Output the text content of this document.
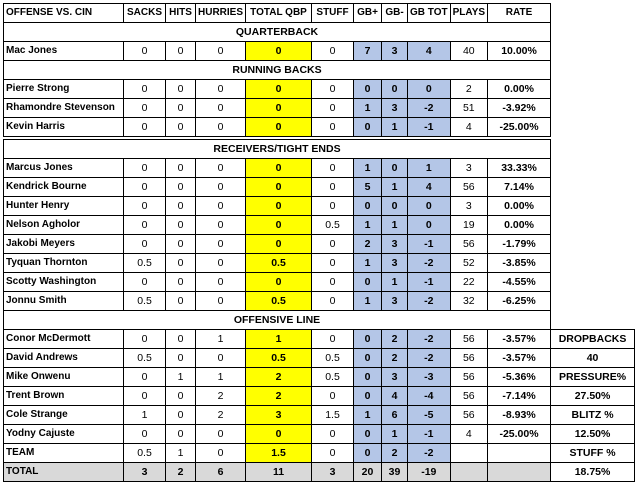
OFFENSE VS. CIN	SACKS	HITS	HURRIES	TOTAL QBP	STUFF	GB+	GB-	GB TOT	PLAYS	RATE	
QUARTERBACK											
Mac Jones	0	0	0	0	0	7	3	4	40	10.00%	
RUNNING BACKS											
Pierre Strong	0	0	0	0	0	0	0	0	2	0.00%	
Rhamondre Stevenson	0	0	0	0	0	1	3	-2	51	-3.92%	
Kevin Harris	0	0	0	0	0	0	1	-1	4	-25.00%	

RECEIVERS/TIGHT ENDS											
Marcus Jones	0	0	0	0	0	1	0	1	3	33.33%	
Kendrick Bourne	0	0	0	0	0	5	1	4	56	7.14%	
Hunter Henry	0	0	0	0	0	0	0	0	3	0.00%	
Nelson Agholor	0	0	0	0	0.5	1	1	0	19	0.00%	
Jakobi Meyers	0	0	0	0	0	2	3	-1	56	-1.79%	
Tyquan Thornton	0.5	0	0	0.5	0	1	3	-2	52	-3.85%	
Scotty Washington	0	0	0	0	0	0	1	-1	22	-4.55%	
Jonnu Smith	0.5	0	0	0.5	0	1	3	-2	32	-6.25%	
OFFENSIVE LINE											
Conor McDermott	0	0	1	1	0	0	2	-2	56	-3.57%	DROPBACKS
David Andrews	0.5	0	0	0.5	0.5	0	2	-2	56	-3.57%	40
Mike Onwenu	0	1	1	2	0.5	0	3	-3	56	-5.36%	PRESSURE%
Trent Brown	0	0	2	2	0	0	4	-4	56	-7.14%	27.50%
Cole Strange	1	0	2	3	1.5	1	6	-5	56	-8.93%	BLITZ %
Yodny Cajuste	0	0	0	0	0	0	1	-1	4	-25.00%	12.50%
TEAM	0.5	1	0	1.5	0	0	2	-2			STUFF %
TOTAL	3	2	6	11	3	20	39	-19			18.75%
